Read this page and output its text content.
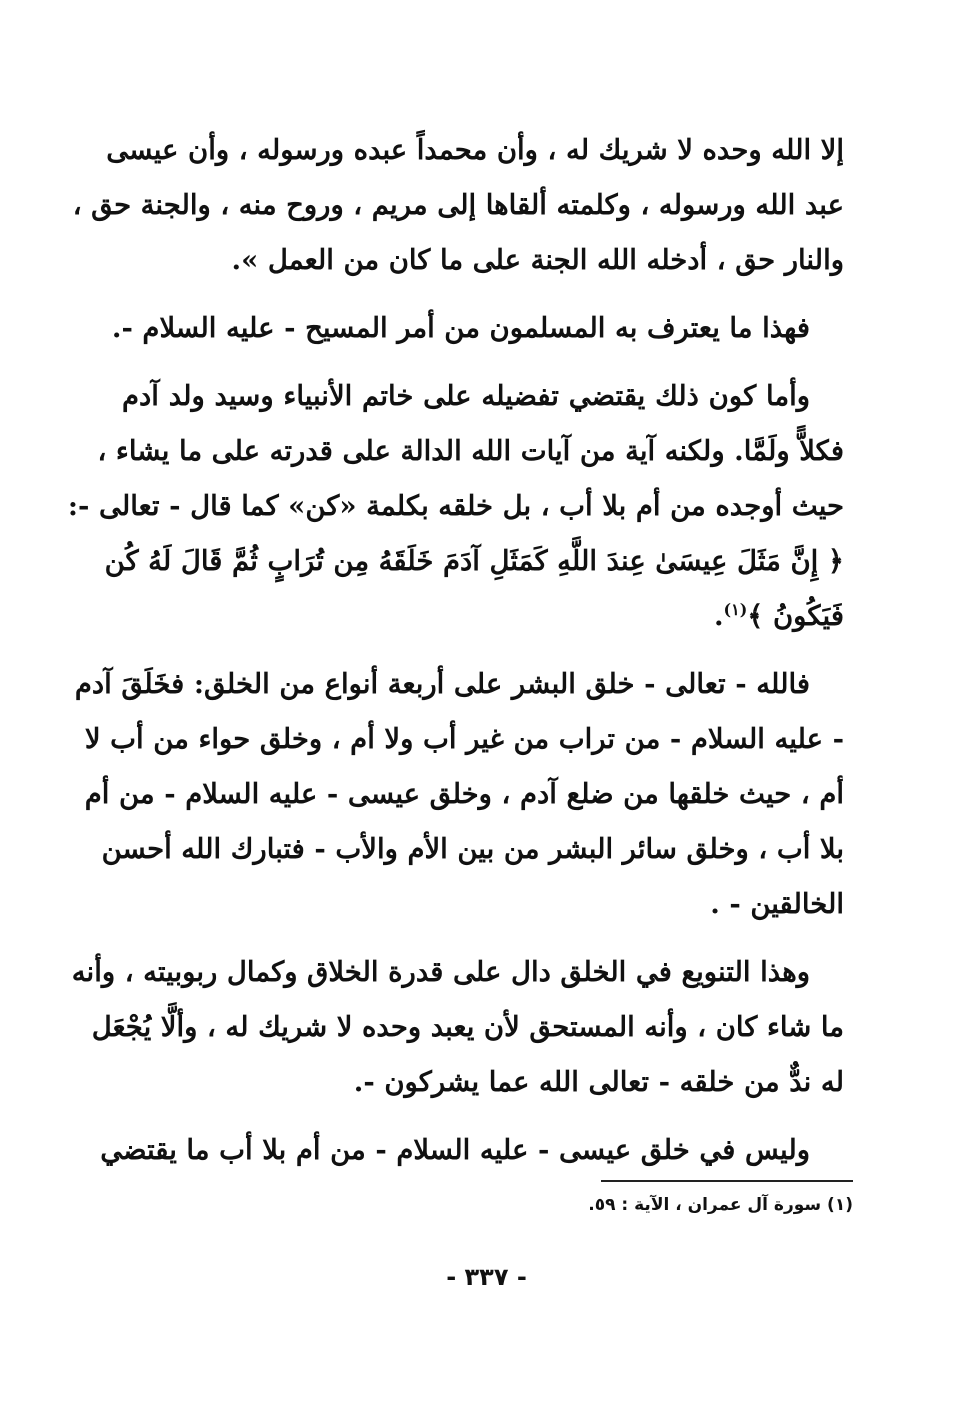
إلا الله وحده لا شريك له ، وأن محمداً عبده ورسوله ، وأن عيسى
عبد الله ورسوله ، وكلمته ألقاها إلى مريم ، وروح منه ، والجنة حق ،
والنار حق ، أدخله الله الجنة على ما كان من العمل ».
فهذا ما يعترف به المسلمون من أمر المسيح - عليه السلام -.
وأما كون ذلك يقتضي تفضيله على خاتم الأنبياء وسيد ولد آدم
فكلاًّ ولَمَّا. ولكنه آية من آيات الله الدالة على قدرته على ما يشاء ،
حيث أوجده من أم بلا أب ، بل خلقه بكلمة «كن» كما قال - تعالى -:
﴿ إِنَّ مَثَلَ عِيسَىٰ عِندَ اللَّهِ كَمَثَلِ آدَمَ خَلَقَهُ مِن تُرَابٍ ثُمَّ قَالَ لَهُ كُن
فَيَكُونُ ﴾$^{(١)}$.
فالله - تعالى - خلق البشر على أربعة أنواع من الخلق: فخَلَقَ آدم
- عليه السلام - من تراب من غير أب ولا أم ، وخلق حواء من أب لا
أم ، حيث خلقها من ضلع آدم ، وخلق عيسى - عليه السلام - من أم
بلا أب ، وخلق سائر البشر من بين الأم والأب - فتبارك الله أحسن
الخالقين - .
وهذا التنويع في الخلق دال على قدرة الخلاق وكمال ربوبيته ، وأنه
ما شاء كان ، وأنه المستحق لأن يعبد وحده لا شريك له ، وألَّا يُجْعَل
له ندٌّ من خلقه - تعالى الله عما يشركون -.
وليس في خلق عيسى - عليه السلام - من أم بلا أب ما يقتضي
(١) سورة آل عمران ، الآية : ٥٩.
- ٣٣٧ -
